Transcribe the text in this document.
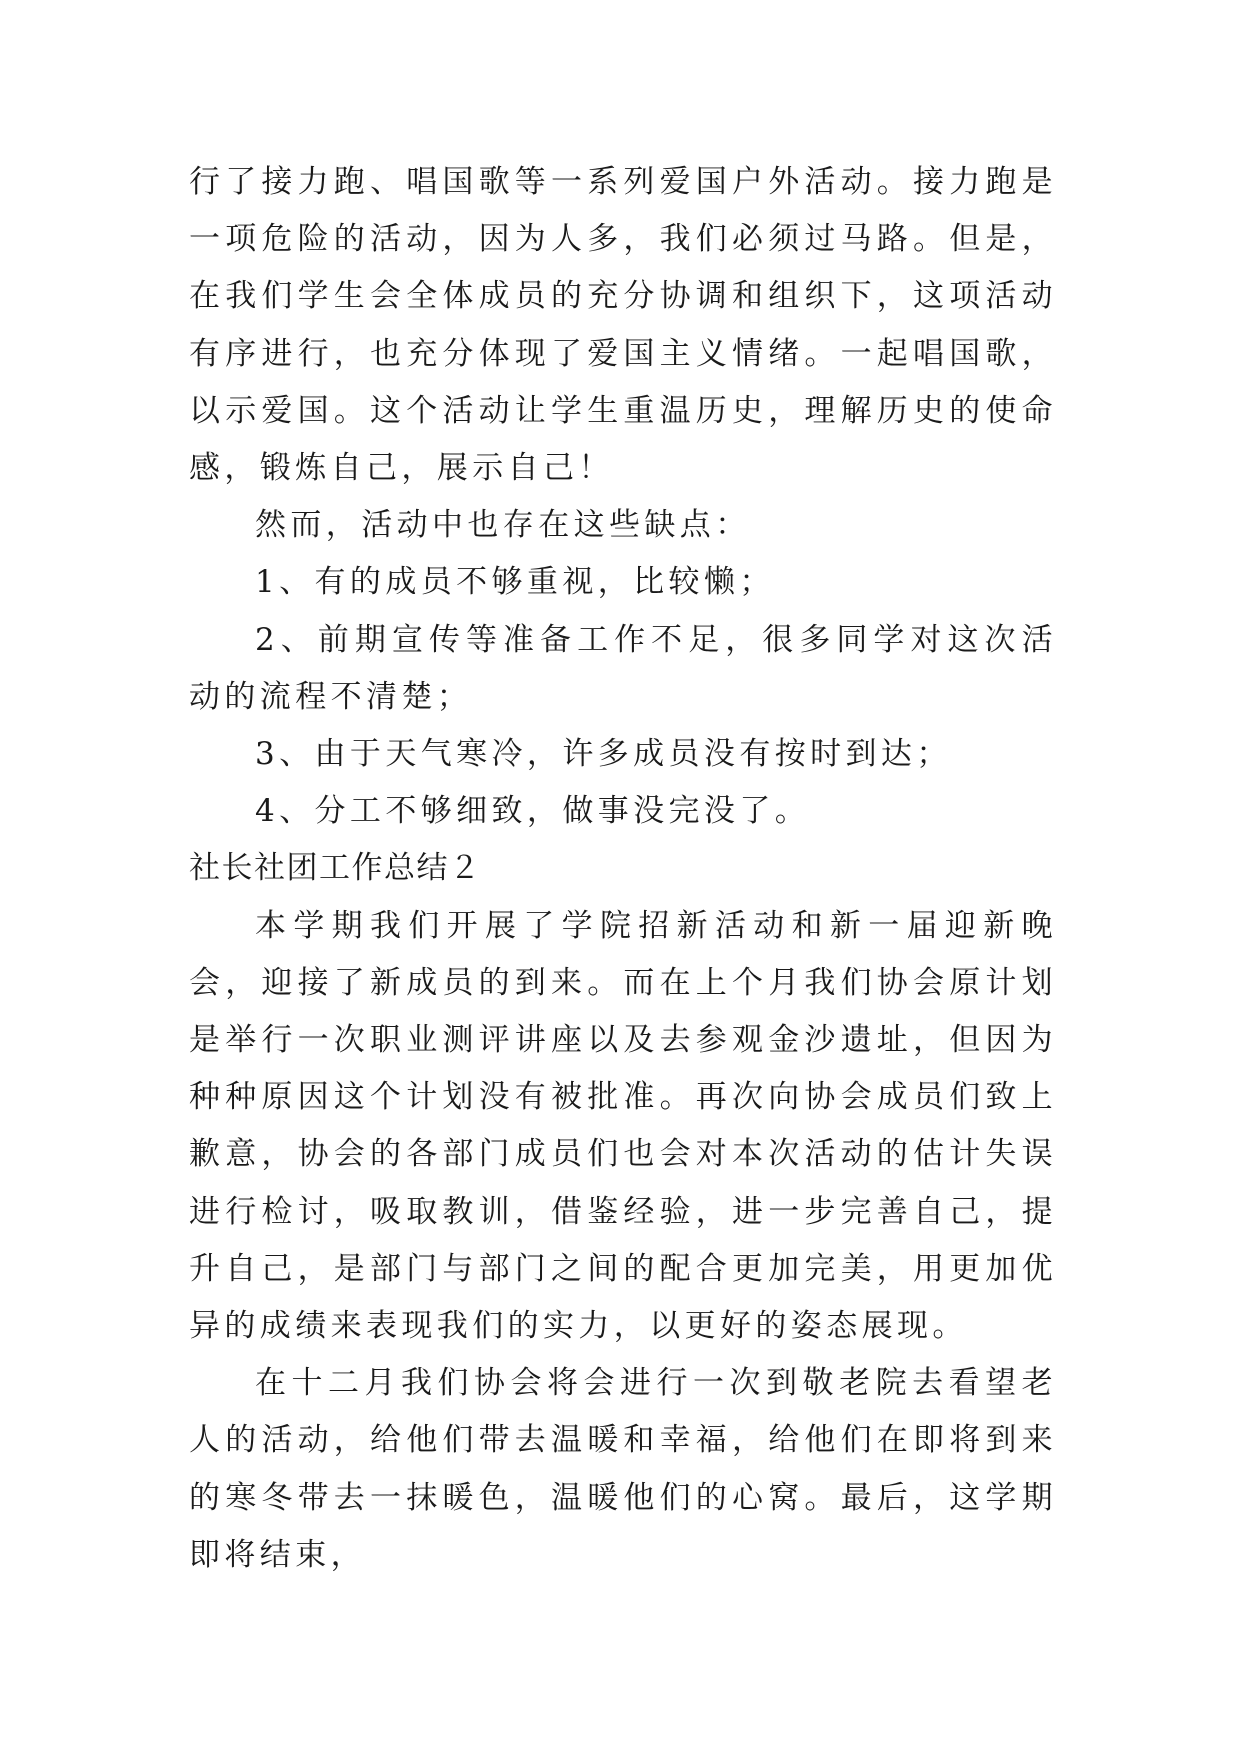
行了接力跑、唱国歌等一系列爱国户外活动。接力跑是一项危险的活动，因为人多，我们必须过马路。但是，在我们学生会全体成员的充分协调和组织下，这项活动有序进行，也充分体现了爱国主义情绪。一起唱国歌，以示爱国。这个活动让学生重温历史，理解历史的使命感，锻炼自己，展示自己！

然而，活动中也存在这些缺点：

1、有的成员不够重视，比较懒；

2、前期宣传等准备工作不足，很多同学对这次活动的流程不清楚；

3、由于天气寒冷，许多成员没有按时到达；

4、分工不够细致，做事没完没了。

社长社团工作总结２

本学期我们开展了学院招新活动和新一届迎新晚会，迎接了新成员的到来。而在上个月我们协会原计划是举行一次职业测评讲座以及去参观金沙遗址，但因为种种原因这个计划没有被批准。再次向协会成员们致上歉意，协会的各部门成员们也会对本次活动的估计失误进行检讨，吸取教训，借鉴经验，进一步完善自己，提升自己，是部门与部门之间的配合更加完美，用更加优异的成绩来表现我们的实力，以更好的姿态展现。

在十二月我们协会将会进行一次到敬老院去看望老人的活动，给他们带去温暖和幸福，给他们在即将到来的寒冬带去一抹暖色，温暖他们的心窝。最后，这学期即将结束，
